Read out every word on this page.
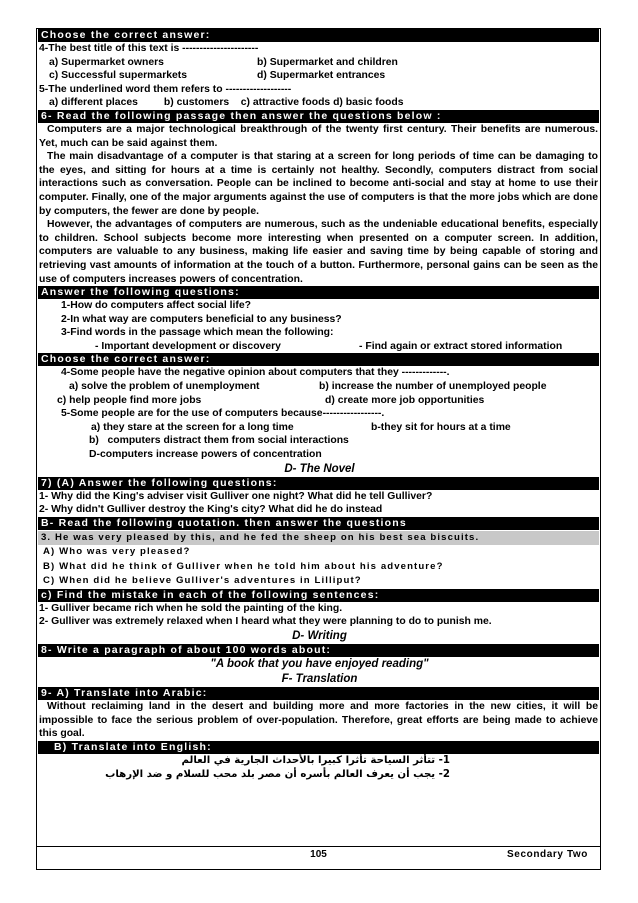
Choose the correct answer:
4-The best title of this text is ----------------------
a) Supermarket owners	b) Supermarket and children
c) Successful supermarkets	d) Supermarket entrances
5-The underlined word them refers to -------------------
a) different places         b) customers    c) attractive foods d) basic foods
6- Read the following passage then answer the questions below :
Computers are a major technological breakthrough of the twenty first century. Their benefits are numerous. Yet, much can be said against them.
The main disadvantage of a computer is that staring at a screen for long periods of time can be damaging to the eyes, and sitting for hours at a time is certainly not healthy. Secondly, computers distract from social interactions such as conversation. People can be inclined to become anti-social and stay at home to use their computer. Finally, one of the major arguments against the use of computers is that the more jobs which are done by computers, the fewer are done by people.
However, the advantages of computers are numerous, such as the undeniable educational benefits, especially to children. School subjects become more interesting when presented on a computer screen. In addition, computers are valuable to any business, making life easier and saving time by being capable of storing and retrieving vast amounts of information at the touch of a button. Furthermore, personal gains can be seen as the use of computers increases powers of concentration.
Answer the following questions:
1-How do computers affect social life?
2-In what way are computers beneficial to any business?
3-Find words in the passage which mean the following:
- Important development or discovery	- Find again or extract stored information
Choose the correct answer:
4-Some people have the negative opinion about computers that they -------------.
a) solve the problem of unemployment	b) increase the number of unemployed people
c) help people find more jobs	d) create more job opportunities
5-Some people are for the use of computers because-----------------.
a) they stare at the screen for a long time	b-they sit for hours at a time
b)   computers distract them from social interactions
D-computers increase powers of concentration
D- The Novel
7) (A) Answer the following questions:
1- Why did the King's adviser visit Gulliver one night? What did he tell Gulliver?
2- Why didn't Gulliver destroy the King's city? What did he do instead
B- Read the following quotation. then answer the questions
3. He was very pleased by this, and he fed the sheep on his best sea biscuits.
A) Who was very pleased?
B) What did he think of Gulliver when he told him about his adventure?
C) When did he believe Gulliver's adventures in Lilliput?
c) Find the mistake in each of the following sentences:
1- Gulliver became rich when he sold the painting of the king.
2- Gulliver was extremely relaxed when I heard what they were planning to do to punish me.
D- Writing
8- Write a paragraph of about 100 words about:
"A book that you have enjoyed reading"
F- Translation
9- A) Translate into Arabic:
Without reclaiming land in the desert and building more and more factories in the new cities, it will be impossible to face the serious problem of over-population. Therefore, great efforts are being made to achieve this goal.
B) Translate into English:
1- تتأثر السياحة تأثرا كبيرا بالأحداث الجارية في العالم
2- يجب أن يعرف العالم بأسره أن مصر بلد محب للسلام و ضد الإرهاب
105	Secondary Two
